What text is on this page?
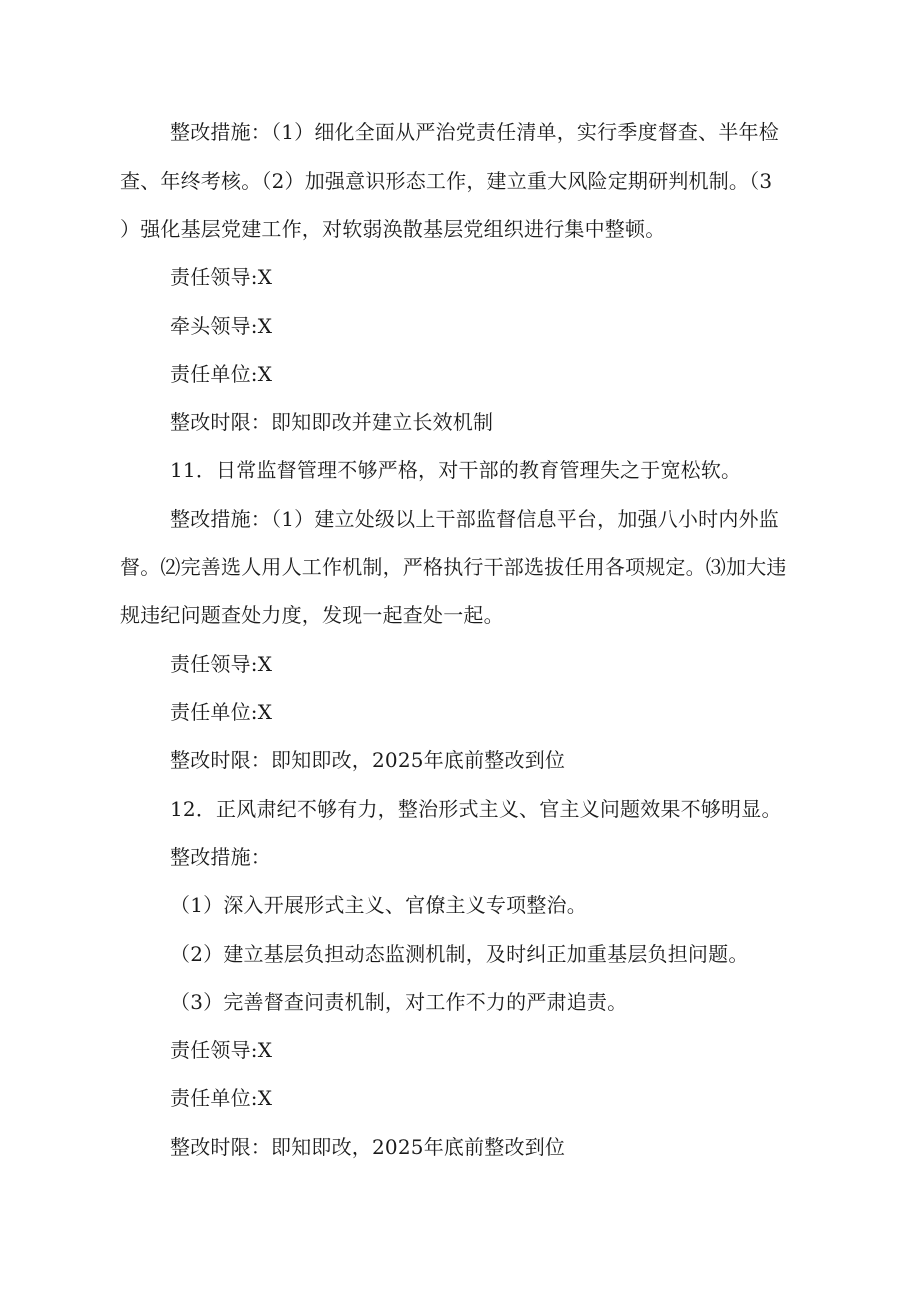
整改措施：（1）细化全面从严治党责任清单，实行季度督查、半年检
查、年终考核。（2）加强意识形态工作，建立重大风险定期研判机制。（3
）强化基层党建工作，对软弱涣散基层党组织进行集中整顿。
责任领导:X
牵头领导:X
责任单位:X
整改时限：即知即改并建立长效机制
11．日常监督管理不够严格，对干部的教育管理失之于宽松软。
整改措施：（1）建立处级以上干部监督信息平台，加强八小时内外监
督。⑵完善选人用人工作机制，严格执行干部选拔任用各项规定。⑶加大违
规违纪问题查处力度，发现一起查处一起。
责任领导:X
责任单位:X
整改时限：即知即改，2025年底前整改到位
12．正风肃纪不够有力，整治形式主义、官主义问题效果不够明显。
整改措施：
（1）深入开展形式主义、官僚主义专项整治。
（2）建立基层负担动态监测机制，及时纠正加重基层负担问题。
（3）完善督查问责机制，对工作不力的严肃追责。
责任领导:X
责任单位:X
整改时限：即知即改，2025年底前整改到位
